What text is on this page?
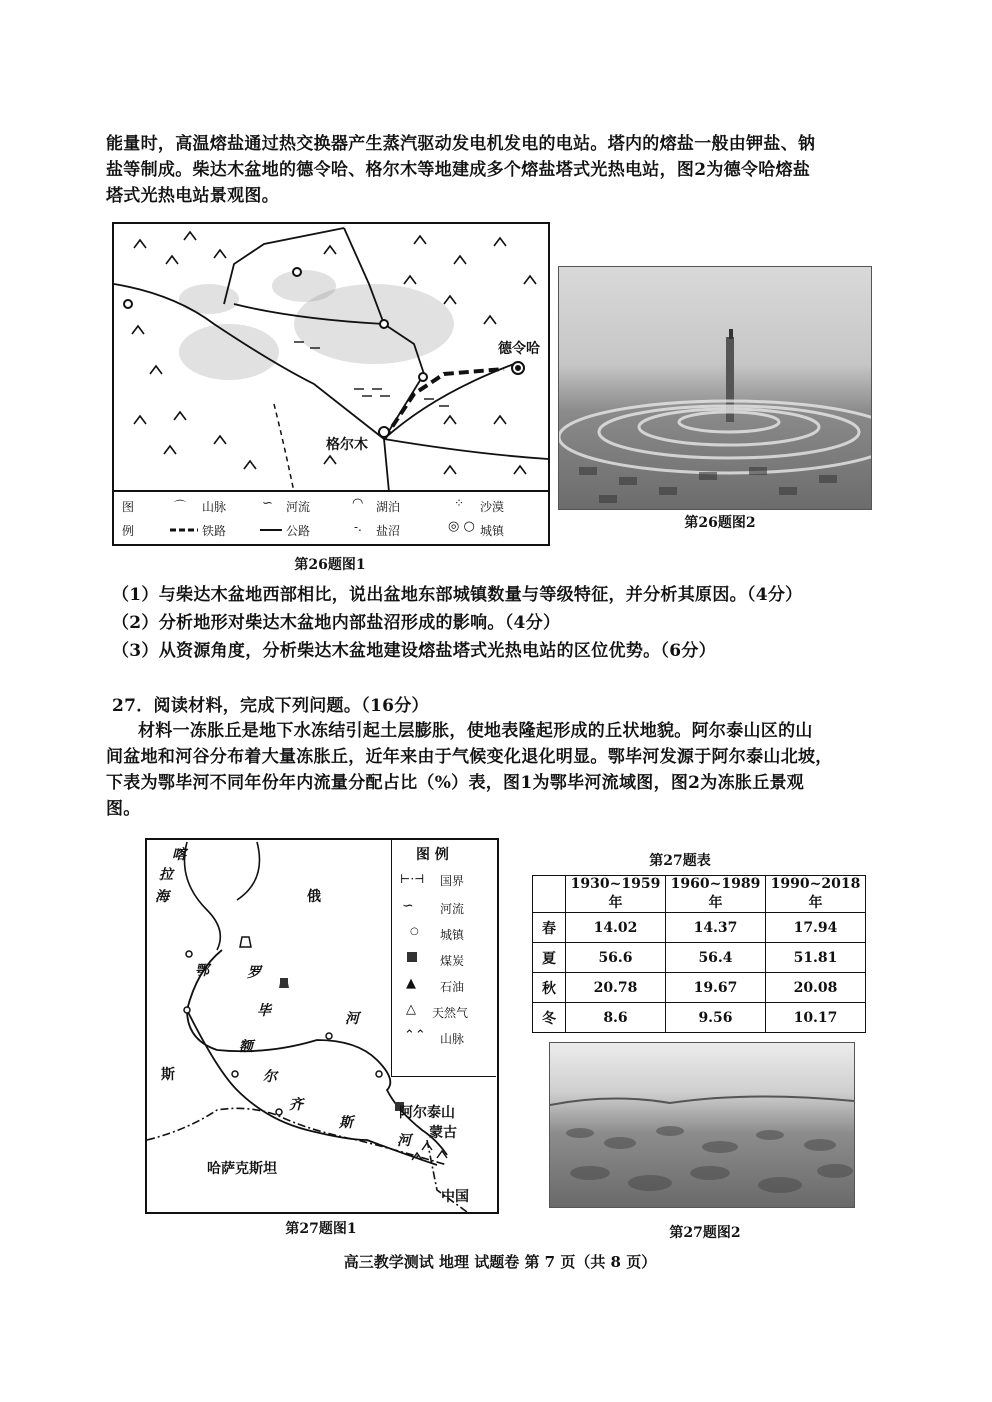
能量时，高温熔盐通过热交换器产生蒸汽驱动发电机发电的电站。塔内的熔盐一般由钾盐、钠
盐等制成。柴达木盆地的德令哈、格尔木等地建成多个熔盐塔式光热电站，图2为德令哈熔盐
塔式光热电站景观图。
德令哈
格尔木
图
例
⌒ 山脉	∽ 河流	◠ 湖泊	⁘ 沙漠
铁路	公路	-. 盐沼	◎ ○ 城镇
第26题图1
第26题图2
（1）与柴达木盆地西部相比，说出盆地东部城镇数量与等级特征，并分析其原因。（4分）
（2）分析地形对柴达木盆地内部盐沼形成的影响。（4分）
（3）从资源角度，分析柴达木盆地建设熔盐塔式光热电站的区位优势。（6分）
27．阅读材料，完成下列问题。（16分）
材料一冻胀丘是地下水冻结引起土层膨胀，使地表隆起形成的丘状地貌。阿尔泰山区的山
间盆地和河谷分布着大量冻胀丘，近年来由于气候变化退化明显。鄂毕河发源于阿尔泰山北坡，
下表为鄂毕河不同年份年内流量分配占比（%）表，图1为鄂毕河流域图，图2为冻胀丘景观
图。
喀
拉
海	俄
鄂	罗
毕	河
斯
额
尔
齐
斯
河
阿尔泰山
蒙古
哈萨克斯坦
中国
图 例
⊢·⊣ 国界
∽ 河流
○ 城镇
煤炭
▲ 石油
△ 天然气
⌃⌃ 山脉
第27题图1
第27题表
	1930~1959 年	1960~1989 年	1990~2018 年
春	14.02	14.37	17.94
夏	56.6	56.4	51.81
秋	20.78	19.67	20.08
冬	8.6	9.56	10.17
第27题图2
高三教学测试 地理 试题卷 第 7 页（共 8 页）
